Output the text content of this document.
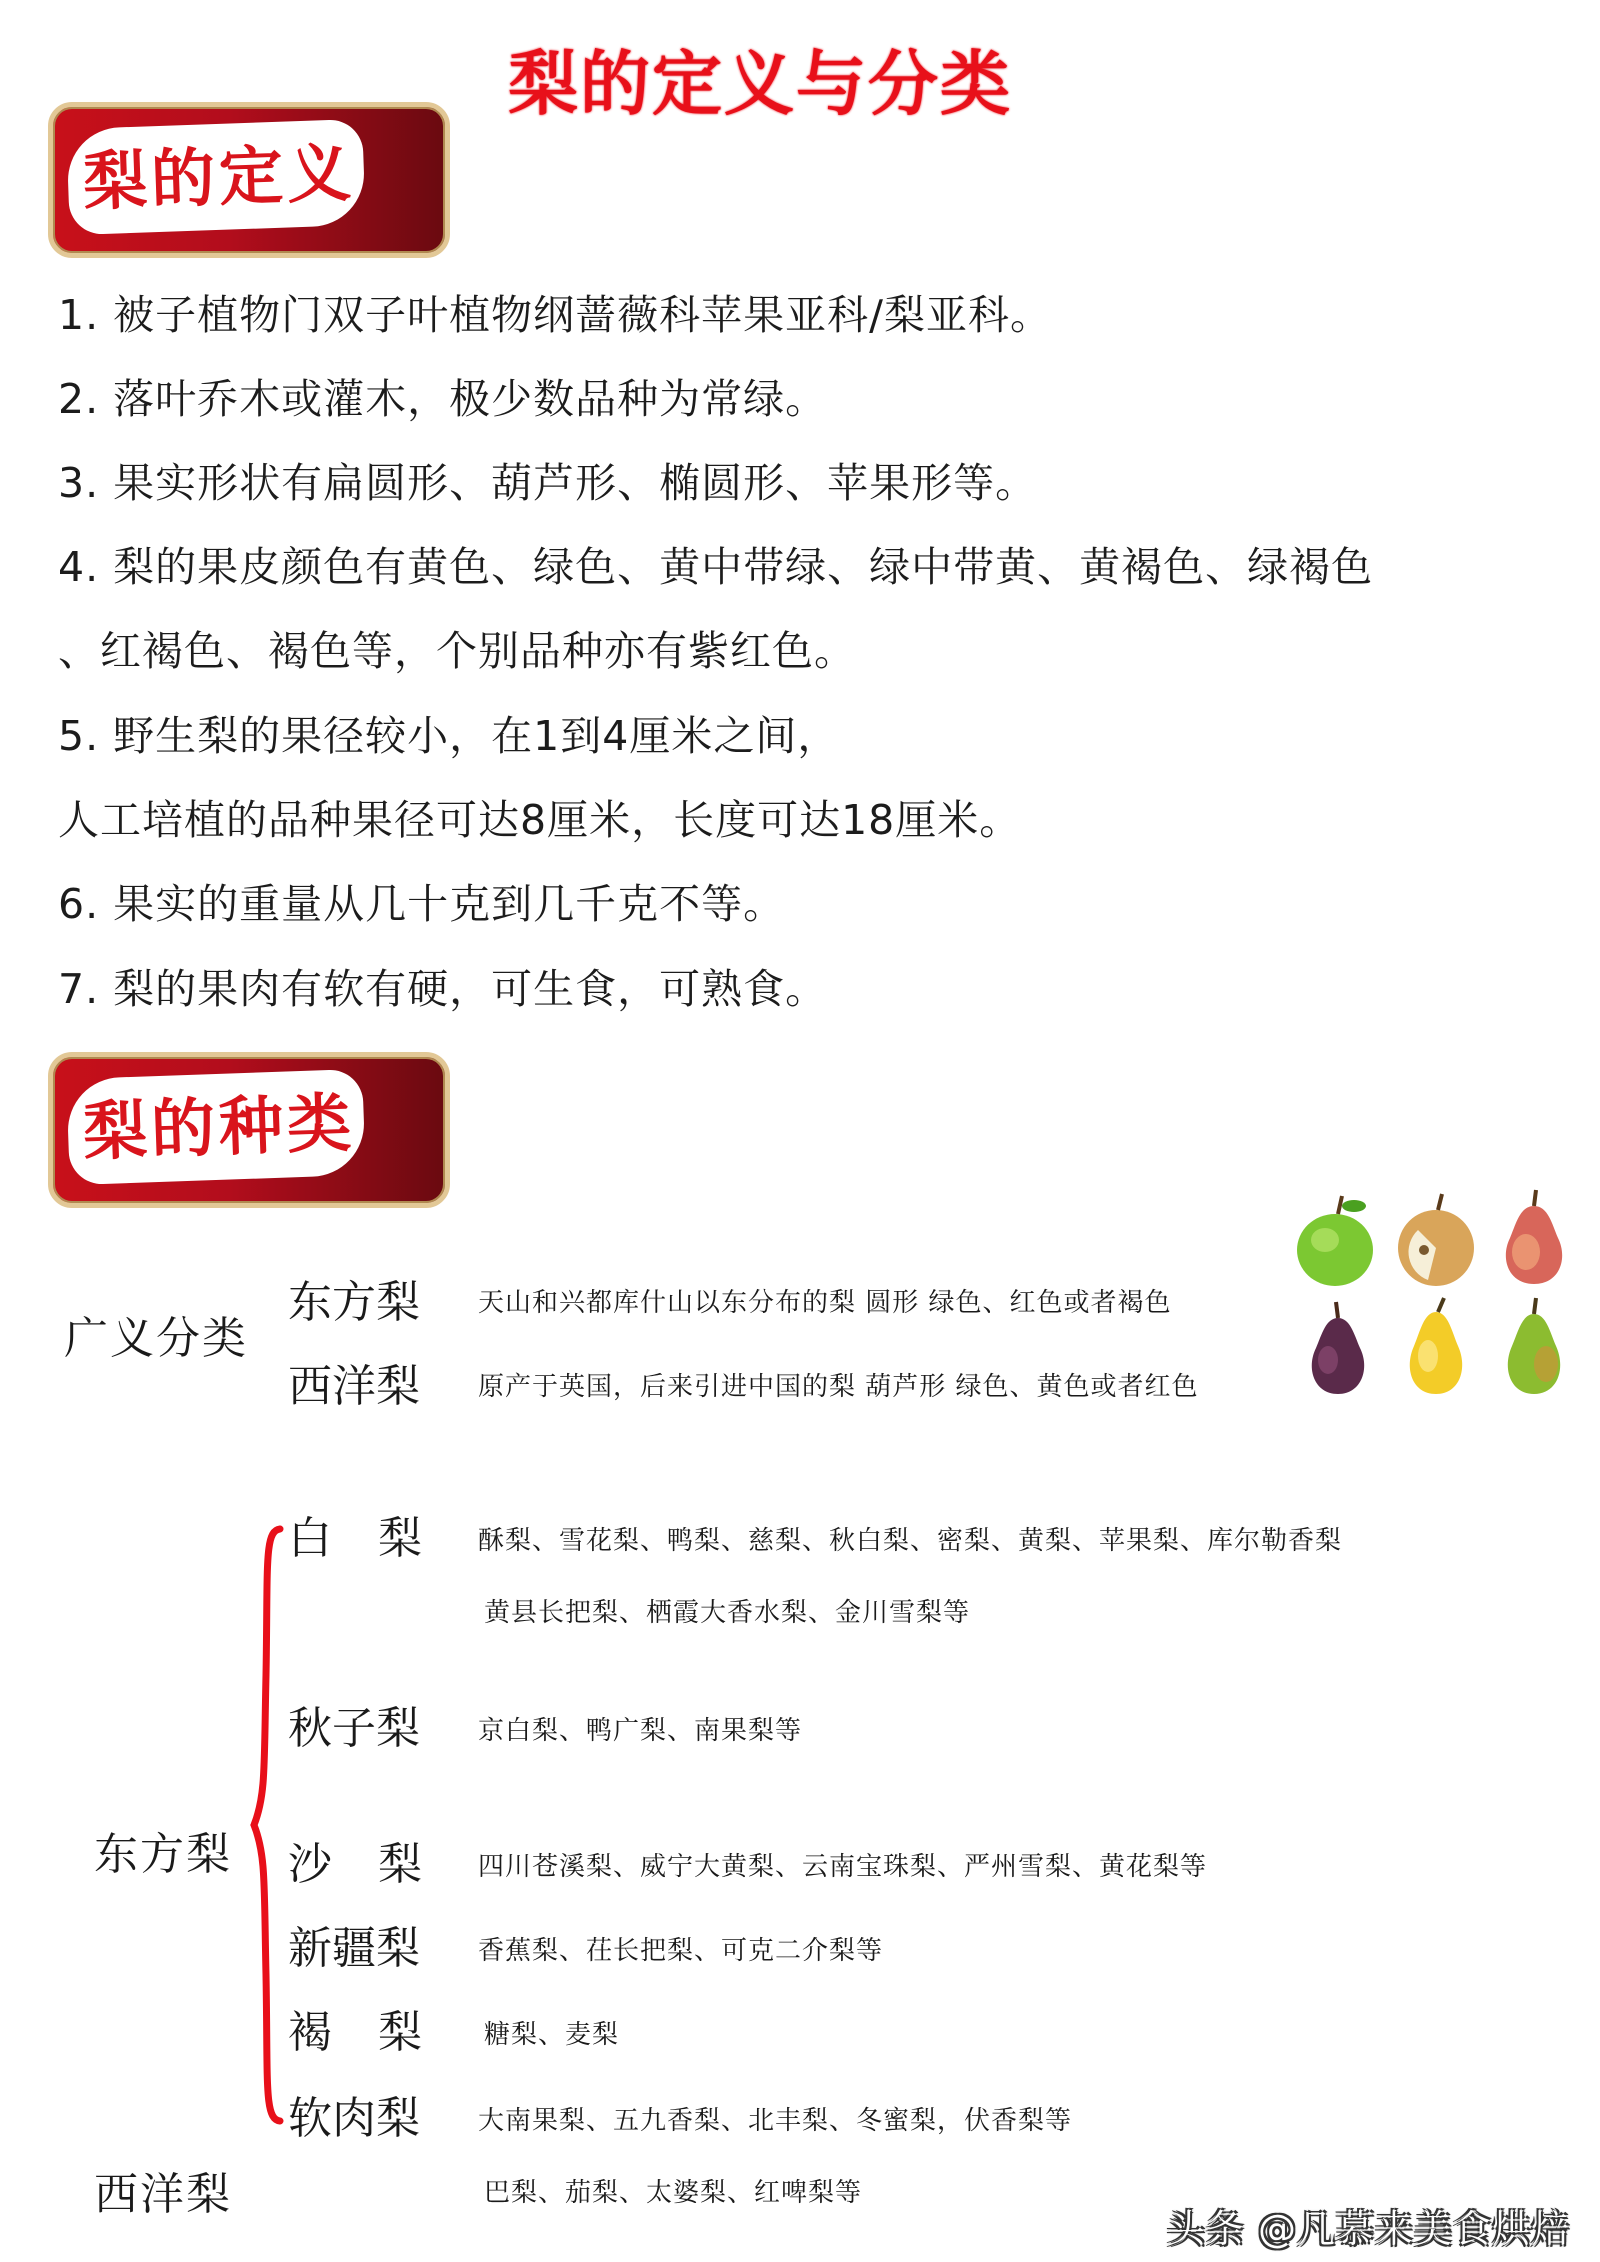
梨的定义与分类
梨的定义
1. 被子植物门双子叶植物纲蔷薇科苹果亚科/梨亚科。
2. 落叶乔木或灌木，极少数品种为常绿。
3. 果实形状有扁圆形、葫芦形、椭圆形、苹果形等。
4. 梨的果皮颜色有黄色、绿色、黄中带绿、绿中带黄、黄褐色、绿褐色
、红褐色、褐色等，个别品种亦有紫红色。
5. 野生梨的果径较小，在1到4厘米之间，
人工培植的品种果径可达8厘米，长度可达18厘米。
6. 果实的重量从几十克到几千克不等。
7. 梨的果肉有软有硬，可生食，可熟食。
梨的种类
广义分类
东方梨 天山和兴都库什山以东分布的梨 圆形 绿色、红色或者褐色
西洋梨 原产于英国，后来引进中国的梨 葫芦形 绿色、黄色或者红色
东方梨
白梨 酥梨、雪花梨、鸭梨、慈梨、秋白梨、密梨、黄梨、苹果梨、库尔勒香梨
黄县长把梨、栖霞大香水梨、金川雪梨等
秋子梨 京白梨、鸭广梨、南果梨等
沙梨 四川苍溪梨、威宁大黄梨、云南宝珠梨、严州雪梨、黄花梨等
新疆梨 香蕉梨、茌长把梨、可克二介梨等
褐梨 糖梨、麦梨
软肉梨 大南果梨、五九香梨、北丰梨、冬蜜梨，伏香梨等
西洋梨	巴梨、茄梨、太婆梨、红啤梨等
头条 @凡慕来美食烘焙
